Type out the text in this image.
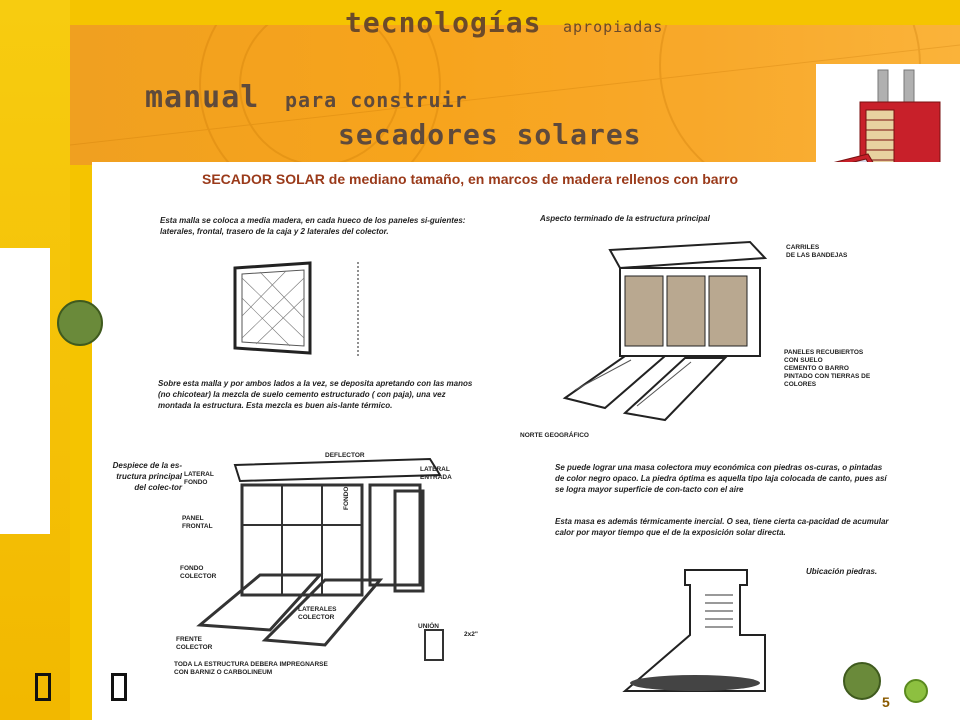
tecnologías apropiadas
manual para construir
secadores solares
SECADOR SOLAR de mediano tamaño, en marcos de madera rellenos con barro
Esta malla se coloca a media madera, en cada hueco de los paneles si-guientes: laterales, frontal, trasero de la caja y 2 laterales del colector.
Sobre esta malla y por ambos lados a la vez, se deposita apretando con las manos (no chicotear) la mezcla de suelo cemento estructurado ( con paja), una vez montada la estructura. Esta mezcla es buen ais-lante térmico.
Aspecto terminado de la estructura principal
CARRILES
DE LAS BANDEJAS
PANELES RECUBIERTOS
CON SUELO
CEMENTO O BARRO
PINTADO CON TIERRAS DE
COLORES
NORTE GEOGRÁFICO
Despiece de la es-tructura principal del colec-tor
DEFLECTOR
LATERAL
FONDO
LATERAL
ENTRADA
PANEL
FRONTAL
FONDO
FONDO
COLECTOR
LATERALES
COLECTOR
FRENTE
COLECTOR
UNIÓN
2x2"
TODA LA ESTRUCTURA DEBERA IMPREGNARSE
CON BARNIZ O CARBOLINEUM
Se puede lograr una masa colectora muy económica con piedras os-curas, o pintadas de color negro opaco. La piedra óptima es aquella tipo laja colocada de canto, pues así se logra mayor superficie de con-tacto con el aire
Esta masa es además térmicamente inercial. O sea, tiene cierta ca-pacidad de acumular calor por mayor tiempo que el de la exposición solar directa.
Ubicación piedras.
5
